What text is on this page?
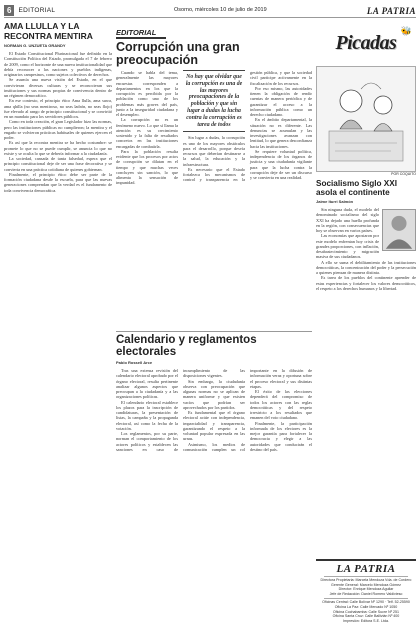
6	EDITORIAL	Osorno, miércoles 10 de julio de 2019	LA PATRIA
AMA LLULLA Y LA RECONTRA MENTIRA
NORMAN G. UNZUETA GRANDY

El Estado Constitucional Plurinacional fue definido en la Constitución Política del Estado, promulgada el 7 de febrero de 2009, como el horizonte de una nueva institucionalidad que debía reconocer a las naciones y pueblos indígenas, originarios campesinos, como sujetos colectivos de derechos.

Se asumía una nueva visión del Estado, en el que convivieran diversas culturas y se reconocieran sus instituciones y sus normas propias de convivencia dentro de un régimen democrático.

En ese contexto, el principio ético Ama llulla, ama suwa, ama qhilla (no seas mentiroso, no seas ladrón, no seas flojo) fue elevado al rango de principio constitucional y se convirtió en un mandato para los servidores públicos.

Como en toda creación, el gran Legislador hizo las normas, pero las instituciones públicas no cumplieron; la mentira y el engaño se volvieron prácticas habituales de quienes ejercen el poder.

Es así que la recontra mentira se ha hecho costumbre: se promete lo que no se puede cumplir, se anuncia lo que no existe y se oculta lo que se debería informar a la ciudadanía.

La sociedad, cansada de tanta falsedad, espera que el principio constitucional deje de ser una frase decorativa y se convierta en una práctica cotidiana de quienes gobiernan.

Finalmente, el principio ético debe ser parte de la formación ciudadana desde la escuela, para que las nuevas generaciones comprendan que la verdad es el fundamento de toda convivencia democrática.

EDITORIAL
Corrupción una gran preocupación

Cuando se habla del tema, generalmente las mayores encuestas corresponden a departamentos en los que la corrupción es percibida por la población como uno de los problemas más graves del país, junto a la inseguridad ciudadana y el desempleo.

La corrupción no es un fenómeno nuevo. Lo que sí llama la atención es su crecimiento sostenido y la falta de resultados concretos en las instituciones encargadas de combatirla.

Para la población resulta evidente que los procesos por actos de corrupción se dilatan en el tiempo y que muchas veces concluyen sin sanción, lo que alimenta la sensación de impunidad.

No hay que olvidar que la corrupción es una de las mayores preocupaciones de la población y que sin lugar a dudas la lucha contra la corrupción es tarea de todos

Sin lugar a dudas, la corrupción es uno de los mayores obstáculos para el desarrollo, porque desvía recursos que deberían destinarse a la salud, la educación y la infraestructura.

Es necesario que el Estado fortalezca los mecanismos de control y transparencia en la gestión pública, y que la sociedad civil participe activamente en la fiscalización de los recursos.

Por eso mismo, las autoridades tienen la obligación de rendir cuentas de manera periódica y de garantizar el acceso a la información pública como un derecho ciudadano.

En el ámbito departamental, la situación no es diferente. Las denuncias se acumulan y las investigaciones avanzan con lentitud, lo que genera desconfianza hacia las instituciones.

Se requiere voluntad política, independencia de los órganos de justicia y una ciudadanía vigilante para que la lucha contra la corrupción deje de ser un discurso y se convierta en una realidad.

Calendario y reglamentos electorales
Pablo Rossell Arce

Tras una extensa revisión del calendario electoral aprobado por el órgano electoral, resulta pertinente analizar algunos aspectos que preocupan a la ciudadanía y a las organizaciones políticas.

El calendario electoral establece los plazos para la inscripción de candidaturas, la presentación de listas, la campaña y la propaganda electoral, así como la fecha de la votación.

Los reglamentos, por su parte, norman el comportamiento de los actores políticos y establecen las sanciones en caso de incumplimiento de las disposiciones vigentes.

Sin embargo, la ciudadanía observa con preocupación que algunas normas no se aplican de manera uniforme y que existen vacíos que podrían ser aprovechados por los partidos.

Es fundamental que el órgano electoral actúe con independencia, imparcialidad y transparencia, garantizando el respeto a la voluntad popular expresada en las urnas.

Asimismo, los medios de comunicación cumplen un rol importante en la difusión de información veraz y oportuna sobre el proceso electoral y sus distintas etapas.

El éxito de las elecciones dependerá del compromiso de todos los actores con las reglas democráticas y del respeto irrestricto a los resultados que emanen del voto ciudadano.

Finalmente, la participación informada de los electores es la mejor garantía para fortalecer la democracia y elegir a las autoridades que conducirán el destino del país.

Picadas
🐝
POR COQUITO
Socialismo Siglo XXI asola el continente
Jaime Iturri Salmón

Sin ninguna duda, el modelo del denominado socialismo del siglo XXI ha dejado una huella profunda en la región, con consecuencias que hoy se observan en varios países.

Las economías que apostaron por este modelo enfrentan hoy crisis de grandes proporciones, con inflación, desabastecimiento y migración masiva de sus ciudadanos.

A ello se suma el debilitamiento de las instituciones democráticas, la concentración del poder y la persecución a quienes piensan de manera distinta.

Es tarea de los pueblos del continente aprender de estas experiencias y fortalecer los valores democráticos, el respeto a los derechos humanos y la libertad.

LA PATRIA
Directora Propietaria: Marcela Mendoza Vda. de Cordero
Gerente General: Marcelo Mendoza Gómez
Director: Enrique Mendoza Aguilar
Jefe de Redacción: Daniel Romero Valdivieso
Oficinas Central: Calle Bolívar Nº 1290 · Telf. 52-25590
Oficina La Paz: Calle Mercado Nº 1050
Oficina Cochabamba: Calle Sucre Nº 251
Oficina Santa Cruz: Calle Ballivián Nº 400
Impresión: Editora S.E. Ltda.
